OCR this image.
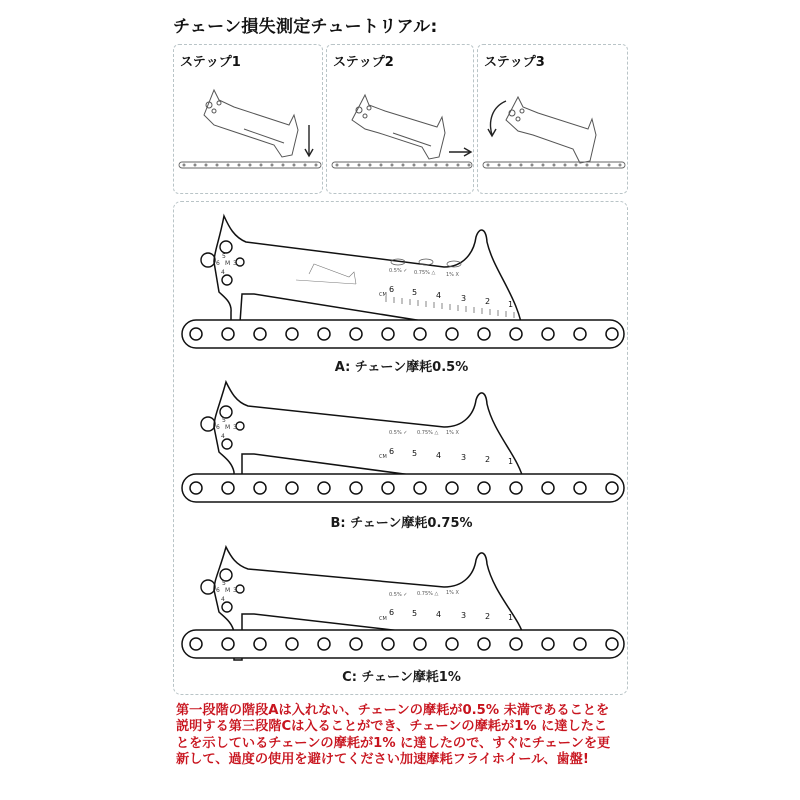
チェーン損失測定チュートリアル:
ステップ1	ステップ2	ステップ3
5
6 M 3
4	0.5% ✓ 0.75% △ 1% X
CM
6 5 4 3 2 1
A: チェーン摩耗0.5%
5
6 M 3
4	0.5% ✓ 0.75% △ 1% X
CM
6 5 4 3 2 1
B: チェーン摩耗0.75%
5
6 M 3
4
0.5% ✓ 0.75% △ 1% X
CM
6 5 4 3 2 1
C: チェーン摩耗1%
第一段階の階段Aは入れない、チェーンの摩耗が0.5% 未満であることを
説明する第三段階Cは入ることができ、チェーンの摩耗が1% に達したこ
とを示しているチェーンの摩耗が1% に達したので、すぐにチェーンを更
新して、過度の使用を避けてください加速摩耗フライホイール、歯盤!
